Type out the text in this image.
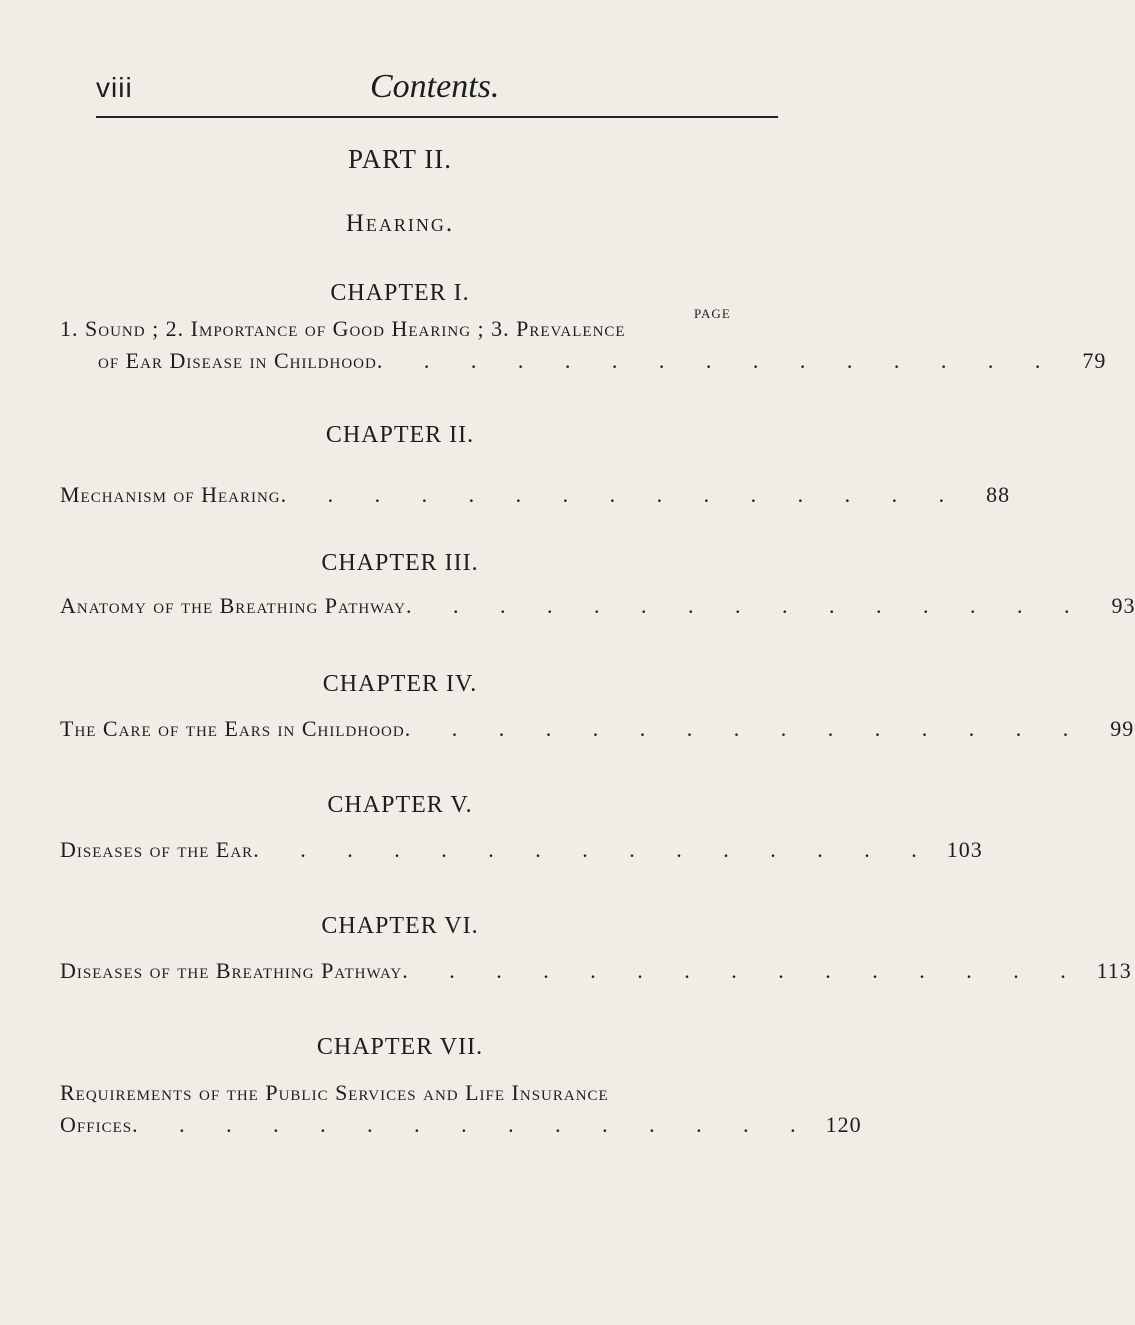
viii	Contents.
PART II.
Hearing.
PAGE
CHAPTER I.
1. Sound ; 2. Importance of Good Hearing ; 3. Prevalence
of Ear Disease in Childhood . . . . . . . . . . . . . . .	79
CHAPTER II.
Mechanism of Hearing . . . . . . . . . . . . . . .	88
CHAPTER III.
Anatomy of the Breathing Pathway . . . . . . . . . . . . . . .	93
CHAPTER IV.
The Care of the Ears in Childhood . . . . . . . . . . . . . . .	99
CHAPTER V.
Diseases of the Ear . . . . . . . . . . . . . . . 103
CHAPTER VI.
Diseases of the Breathing Pathway . . . . . . . . . . . . . . . 113
CHAPTER VII.
Requirements of the Public Services and Life Insurance
Offices . . . . . . . . . . . . . . . 120
